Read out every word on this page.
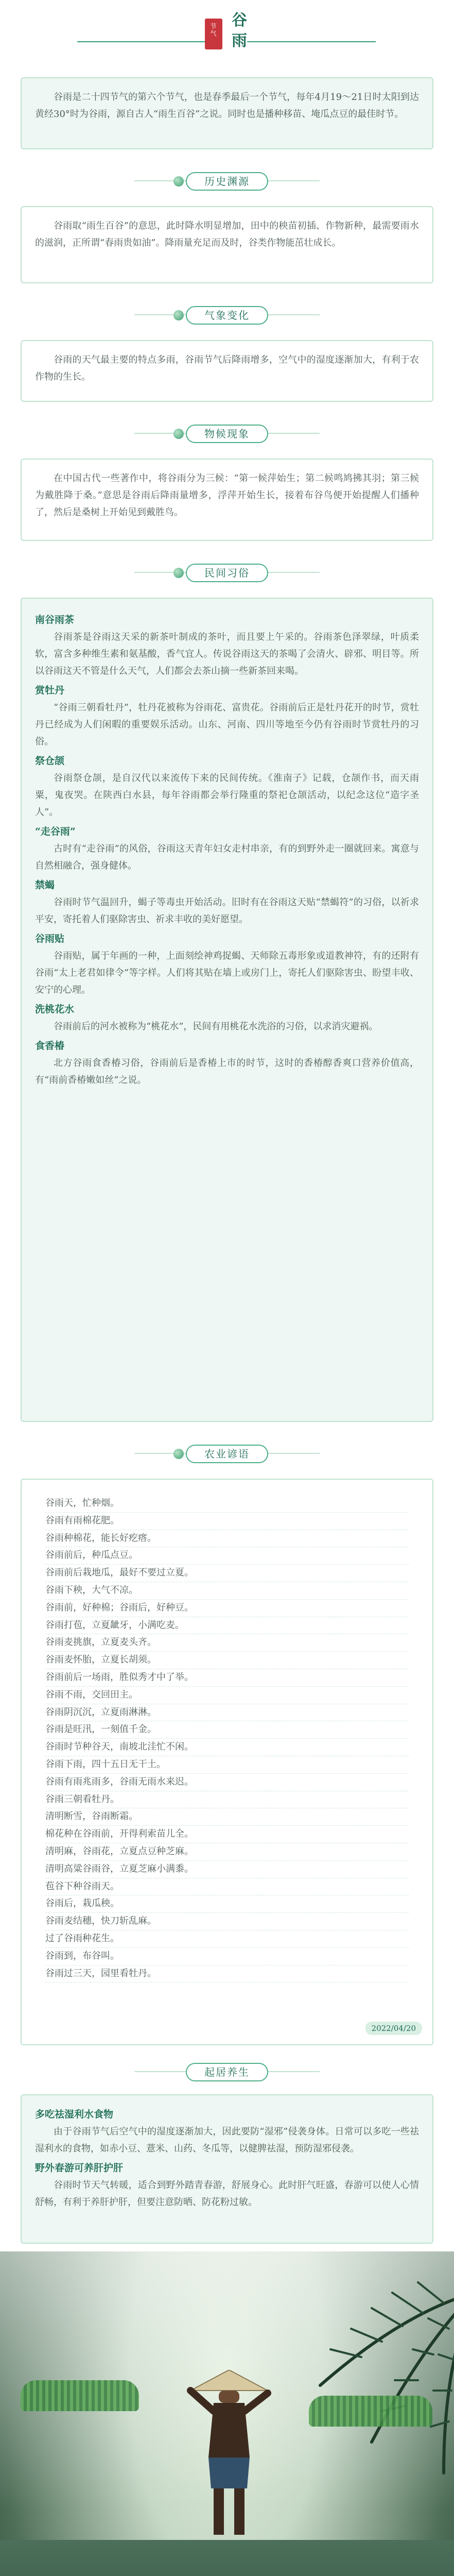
节
气
谷
雨

谷雨是二十四节气的第六个节气，也是春季最后一个节气，每年4月19～21日时太阳到达黄经30°时为谷雨，源自古人“雨生百谷”之说。同时也是播种移苗、埯瓜点豆的最佳时节。

历史渊源

谷雨取“雨生百谷”的意思，此时降水明显增加，田中的秧苗初插、作物新种，最需要雨水的滋润，正所谓“春雨贵如油”。降雨量充足而及时，谷类作物能茁壮成长。

气象变化

谷雨的天气最主要的特点多雨，谷雨节气后降雨增多，空气中的湿度逐渐加大，有利于农作物的生长。

物候现象

在中国古代一些著作中，将谷雨分为三候：“第一候萍始生；第二候鸣鸠拂其羽；第三候为戴胜降于桑。”意思是谷雨后降雨量增多，浮萍开始生长，接着布谷鸟便开始提醒人们播种了，然后是桑树上开始见到戴胜鸟。

民间习俗
南谷雨茶

谷雨茶是谷雨这天采的新茶叶制成的茶叶，而且要上午采的。谷雨茶色泽翠绿，叶质柔软，富含多种维生素和氨基酸，香气宜人。传说谷雨这天的茶喝了会清火、辟邪、明目等。所以谷雨这天不管是什么天气，人们都会去茶山摘一些新茶回来喝。

赏牡丹

“谷雨三朝看牡丹”，牡丹花被称为谷雨花、富贵花。谷雨前后正是牡丹花开的时节，赏牡丹已经成为人们闲暇的重要娱乐活动。山东、河南、四川等地至今仍有谷雨时节赏牡丹的习俗。

祭仓颉

谷雨祭仓颉，是自汉代以来流传下来的民间传统。《淮南子》记载，仓颉作书，而天雨粟，鬼夜哭。在陕西白水县，每年谷雨都会举行隆重的祭祀仓颉活动，以纪念这位“造字圣人”。

“走谷雨”

古时有“走谷雨”的风俗，谷雨这天青年妇女走村串亲，有的到野外走一圈就回来。寓意与自然相融合，强身健体。

禁蝎

谷雨时节气温回升，蝎子等毒虫开始活动。旧时有在谷雨这天贴“禁蝎符”的习俗，以祈求平安，寄托着人们驱除害虫、祈求丰收的美好愿望。

谷雨贴

谷雨贴，属于年画的一种，上面刻绘神鸡捉蝎、天师除五毒形象或道教神符，有的还附有谷雨“太上老君如律令”等字样。人们将其贴在墙上或房门上，寄托人们驱除害虫、盼望丰收、安宁的心理。

洗桃花水

谷雨前后的河水被称为“桃花水”，民间有用桃花水洗浴的习俗，以求消灾避祸。

食香椿

北方谷雨食香椿习俗，谷雨前后是香椿上市的时节，这时的香椿醇香爽口营养价值高，有“雨前香椿嫩如丝”之说。

农业谚语
谷雨天，忙种烟。
谷雨有雨棉花肥。
谷雨种棉花，能长好疙瘩。
谷雨前后，种瓜点豆。
谷雨前后栽地瓜，最好不要过立夏。
谷雨下秧，大气不凉。
谷雨前，好种棉；谷雨后，好种豆。
谷雨打苞，立夏龇牙，小满吃麦。
谷雨麦挑旗，立夏麦头齐。
谷雨麦怀胎，立夏长胡须。
谷雨前后一场雨，胜似秀才中了举。
谷雨不雨，交回田主。
谷雨阴沉沉，立夏雨淋淋。
谷雨是旺汛，一刻值千金。
谷雨时节种谷天，南坡北洼忙不闲。
谷雨下雨，四十五日无干土。
谷雨有雨兆雨多，谷雨无雨水来迟。
谷雨三朝看牡丹。
清明断雪，谷雨断霜。
棉花种在谷雨前，开得利索苗儿全。
清明麻，谷雨花，立夏点豆种芝麻。
清明高粱谷雨谷，立夏芝麻小满黍。
苞谷下种谷雨天。
谷雨后，栽瓜秧。
谷雨麦结穗，快刀斩乱麻。
过了谷雨种花生。
谷雨到，布谷叫。
谷雨过三天，园里看牡丹。
2022/04/20
起居养生
多吃祛湿利水食物

由于谷雨节气后空气中的湿度逐渐加大，因此要防“湿邪”侵袭身体。日常可以多吃一些祛湿利水的食物，如赤小豆、薏米、山药、冬瓜等，以健脾祛湿，预防湿邪侵袭。

野外春游可养肝护肝

谷雨时节天气转暖，适合到野外踏青春游，舒展身心。此时肝气旺盛，春游可以使人心情舒畅，有利于养肝护肝，但要注意防晒、防花粉过敏。
